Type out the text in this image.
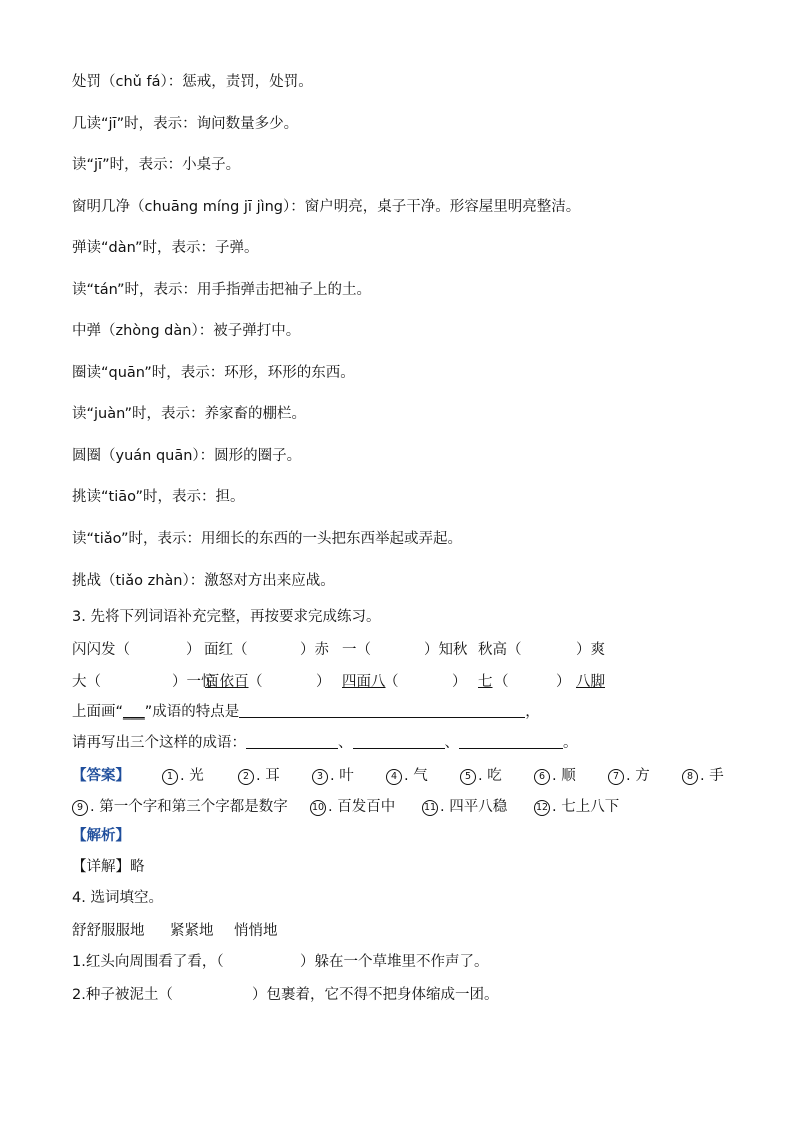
处罚（chǔ fá）：惩戒，责罚，处罚。
几读“jī”时，表示：询问数量多少。
读“jī”时，表示：小桌子。
窗明几净（chuāng míng jī jìng）：窗户明亮，桌子干净。形容屋里明亮整洁。
弹读“dàn”时，表示：子弹。
读“tán”时，表示：用手指弹击把袖子上的土。
中弹（zhòng dàn）：被子弹打中。
圈读“quān”时，表示：环形，环形的东西。
读“juàn”时，表示：养家畜的棚栏。
圆圈（yuán quān）：圆形的圈子。
挑读“tiāo”时，表示：担。
读“tiǎo”时，表示：用细长的东西的一头把东西举起或弄起。
挑战（tiǎo zhàn）：激怒对方出来应战。
3. 先将下列词语补充完整，再按要求完成练习。
闪闪发（	） 面红（	）赤 一（	）知秋 秋高（	）爽
大（	）一惊
百依百 （	） 四面八
（	） 七 （	） 八脚
上面画“___”成语的特点是	，
请再写出三个这样的成语：	、	、	。
【答案】	1 . 光	2 . 耳	3 . 叶	4 . 气	5 . 吃	6 . 顺	7 . 方	8 . 手
9 . 第一个字和第三个字都是数字	10 . 百发百中	11 . 四平八稳	12 . 七上八下
【解析】
【详解】略
4. 选词填空。
舒舒服服地 紧紧地 悄悄地
1.红头向周围看了看，（	）躲在一个草堆里不作声了。
2.种子被泥土（	）包裹着，它不得不把身体缩成一团。
